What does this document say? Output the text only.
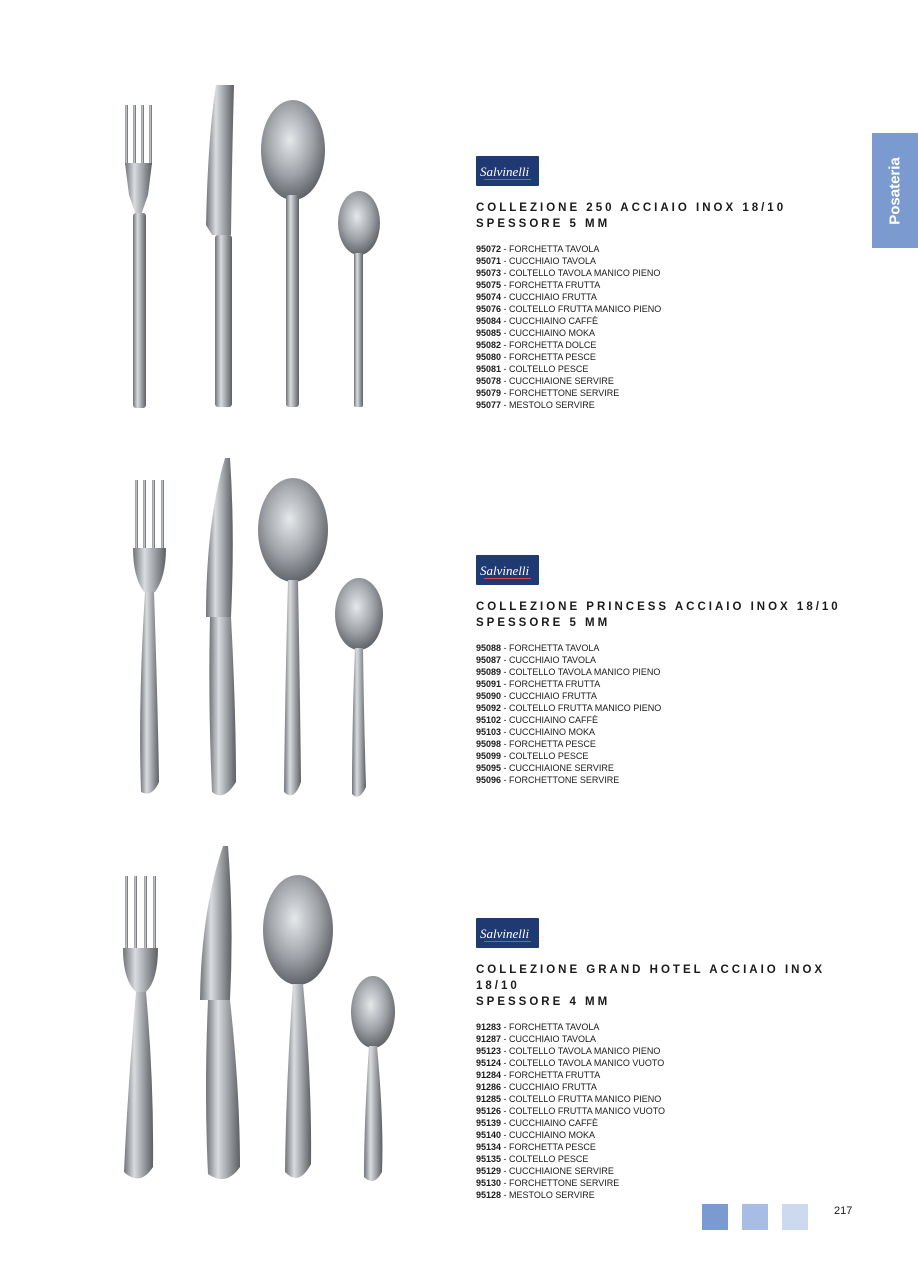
Posateria
Salvinelli
COLLEZIONE 250 ACCIAIO INOX 18/10
SPESSORE 5 MM
95072 - FORCHETTA TAVOLA
95071 - CUCCHIAIO TAVOLA
95073 - COLTELLO TAVOLA MANICO PIENO
95075 - FORCHETTA FRUTTA
95074 - CUCCHIAIO FRUTTA
95076 - COLTELLO FRUTTA MANICO PIENO
95084 - CUCCHIAINO CAFFÈ
95085 - CUCCHIAINO MOKA
95082 - FORCHETTA DOLCE
95080 - FORCHETTA PESCE
95081 - COLTELLO PESCE
95078 - CUCCHIAIONE SERVIRE
95079 - FORCHETTONE SERVIRE
95077 - MESTOLO SERVIRE
Salvinelli
COLLEZIONE PRINCESS ACCIAIO INOX 18/10
SPESSORE 5 MM
95088 - FORCHETTA TAVOLA
95087 - CUCCHIAIO TAVOLA
95089 - COLTELLO TAVOLA MANICO PIENO
95091 - FORCHETTA FRUTTA
95090 - CUCCHIAIO FRUTTA
95092 - COLTELLO FRUTTA MANICO PIENO
95102 - CUCCHIAINO CAFFÈ
95103 - CUCCHIAINO MOKA
95098 - FORCHETTA PESCE
95099 - COLTELLO PESCE
95095 - CUCCHIAIONE SERVIRE
95096 - FORCHETTONE SERVIRE
Salvinelli
COLLEZIONE GRAND HOTEL ACCIAIO INOX 18/10
SPESSORE 4 MM
91283 - FORCHETTA TAVOLA
91287 - CUCCHIAIO TAVOLA
95123 - COLTELLO TAVOLA MANICO PIENO
95124 - COLTELLO TAVOLA MANICO VUOTO
91284 - FORCHETTA FRUTTA
91286 - CUCCHIAIO FRUTTA
91285 - COLTELLO FRUTTA MANICO PIENO
95126 - COLTELLO FRUTTA MANICO VUOTO
95139 - CUCCHIAINO CAFFÈ
95140 - CUCCHIAINO MOKA
95134 - FORCHETTA PESCE
95135 - COLTELLO PESCE
95129 - CUCCHIAIONE SERVIRE
95130 - FORCHETTONE SERVIRE
95128 - MESTOLO SERVIRE
217
